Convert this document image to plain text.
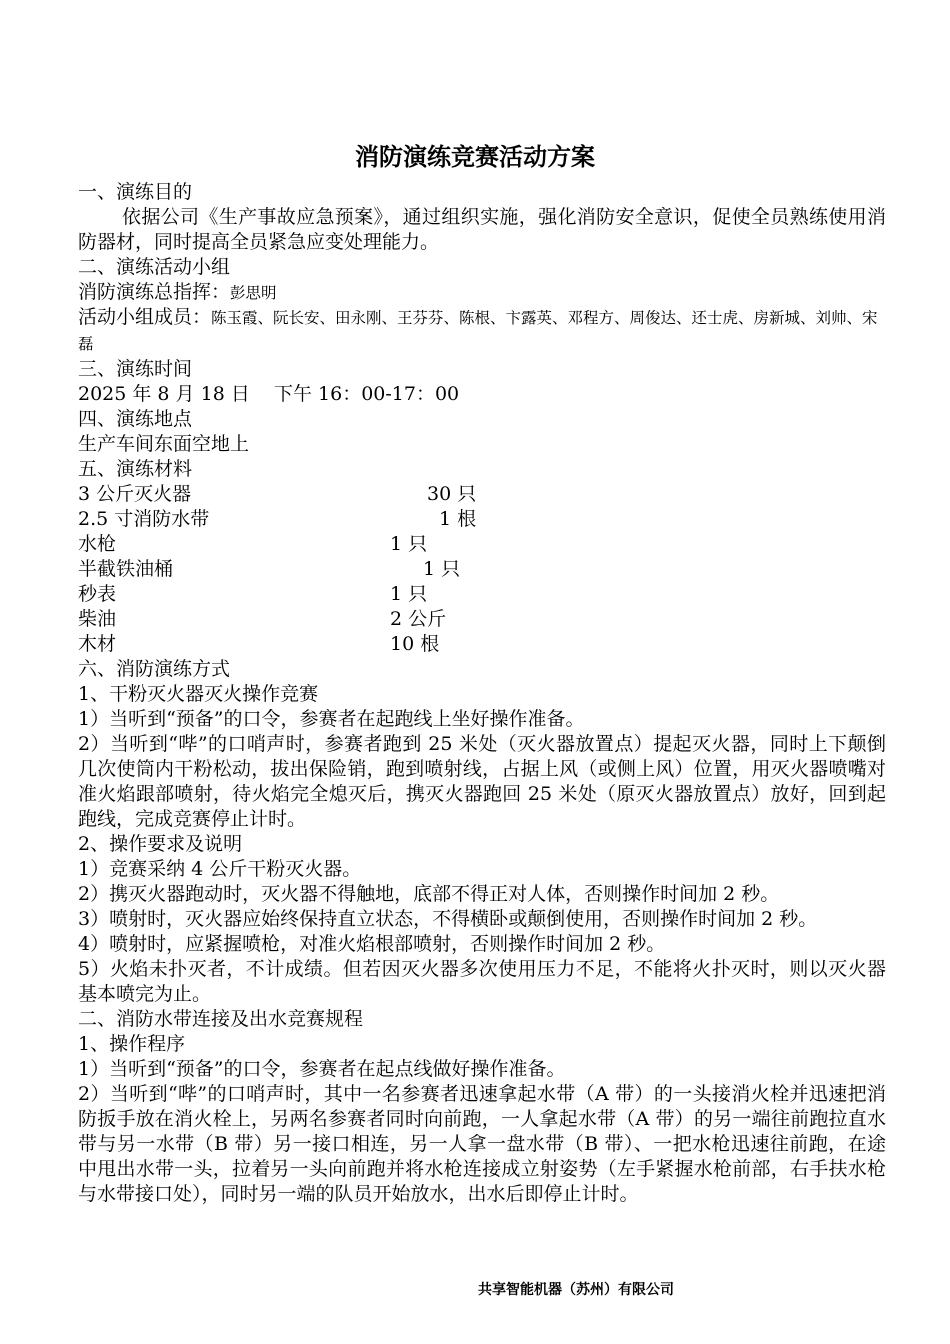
消防演练竞赛活动方案
一、演练目的
依据公司《生产事故应急预案》，通过组织实施，强化消防安全意识，促使全员熟练使用消防器材，同时提高全员紧急应变处理能力。
二、演练活动小组
消防演练总指挥：彭思明
活动小组成员：陈玉霞、阮长安、田永刚、王芬芬、陈根、卞露英、邓程方、周俊达、还士虎、房新城、刘帅、宋磊
三、演练时间
2025 年 8 月 18 日    下午 16：00-17：00
四、演练地点
生产车间东面空地上
五、演练材料
3 公斤灭火器	30 只
2.5 寸消防水带	1 根
水枪	1 只
半截铁油桶	1 只
秒表	1 只
柴油	2 公斤
木材	10 根
六、消防演练方式
1、干粉灭火器灭火操作竞赛
1）当听到“预备”的口令，参赛者在起跑线上坐好操作准备。
2）当听到“哔”的口哨声时，参赛者跑到 25 米处（灭火器放置点）提起灭火器，同时上下颠倒几次使筒内干粉松动，拔出保险销，跑到喷射线，占据上风（或侧上风）位置，用灭火器喷嘴对准火焰跟部喷射，待火焰完全熄灭后，携灭火器跑回 25 米处（原灭火器放置点）放好，回到起跑线，完成竞赛停止计时。
2、操作要求及说明
1）竞赛采纳 4 公斤干粉灭火器。
2）携灭火器跑动时，灭火器不得触地，底部不得正对人体，否则操作时间加 2 秒。
3）喷射时，灭火器应始终保持直立状态，不得横卧或颠倒使用，否则操作时间加 2 秒。
4）喷射时，应紧握喷枪，对准火焰根部喷射，否则操作时间加 2 秒。
5）火焰未扑灭者，不计成绩。但若因灭火器多次使用压力不足，不能将火扑灭时，则以灭火器基本喷完为止。
二、消防水带连接及出水竞赛规程
1、操作程序
1）当听到“预备”的口令，参赛者在起点线做好操作准备。
2）当听到“哔”的口哨声时，其中一名参赛者迅速拿起水带（A 带）的一头接消火栓并迅速把消防扳手放在消火栓上，另两名参赛者同时向前跑，一人拿起水带（A 带）的另一端往前跑拉直水带与另一水带（B 带）另一接口相连，另一人拿一盘水带（B 带）、一把水枪迅速往前跑，在途中甩出水带一头，拉着另一头向前跑并将水枪连接成立射姿势（左手紧握水枪前部，右手扶水枪与水带接口处），同时另一端的队员开始放水，出水后即停止计时。
共享智能机器（苏州）有限公司
